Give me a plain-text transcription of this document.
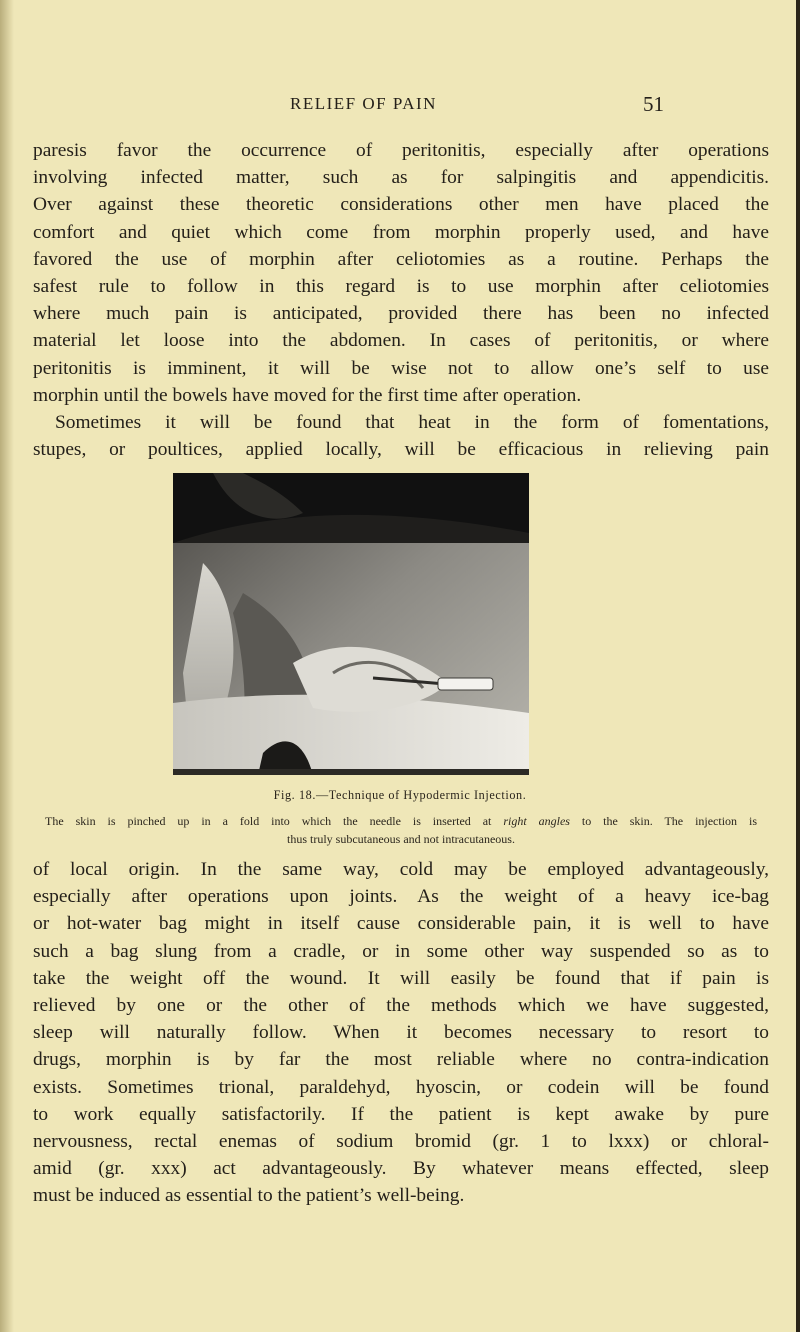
RELIEF OF PAIN	51
paresis favor the occurrence of peritonitis, especially after operations
involving infected matter, such as for salpingitis and appendicitis.
Over against these theoretic considerations other men have placed the
comfort and quiet which come from morphin properly used, and have
favored the use of morphin after celiotomies as a routine. Perhaps the
safest rule to follow in this regard is to use morphin after celiotomies
where much pain is anticipated, provided there has been no infected
material let loose into the abdomen. In cases of peritonitis, or where
peritonitis is imminent, it will be wise not to allow one’s self to use
morphin until the bowels have moved for the first time after operation.
Sometimes it will be found that heat in the form of fomentations,
stupes, or poultices, applied locally, will be efficacious in relieving pain
Fig. 18.—Technique of Hypodermic Injection.
The skin is pinched up in a fold into which the needle is inserted at right angles to the skin. The injection is
thus truly subcutaneous and not intracutaneous.
of local origin. In the same way, cold may be employed advantageously,
especially after operations upon joints. As the weight of a heavy ice-bag
or hot-water bag might in itself cause considerable pain, it is well to have
such a bag slung from a cradle, or in some other way suspended so as to
take the weight off the wound. It will easily be found that if pain is
relieved by one or the other of the methods which we have suggested,
sleep will naturally follow. When it becomes necessary to resort to
drugs, morphin is by far the most reliable where no contra-indication
exists. Sometimes trional, paraldehyd, hyoscin, or codein will be found
to work equally satisfactorily. If the patient is kept awake by pure
nervousness, rectal enemas of sodium bromid (gr. 1 to lxxx) or chloral-
amid (gr. xxx) act advantageously. By whatever means effected, sleep
must be induced as essential to the patient’s well-being.
